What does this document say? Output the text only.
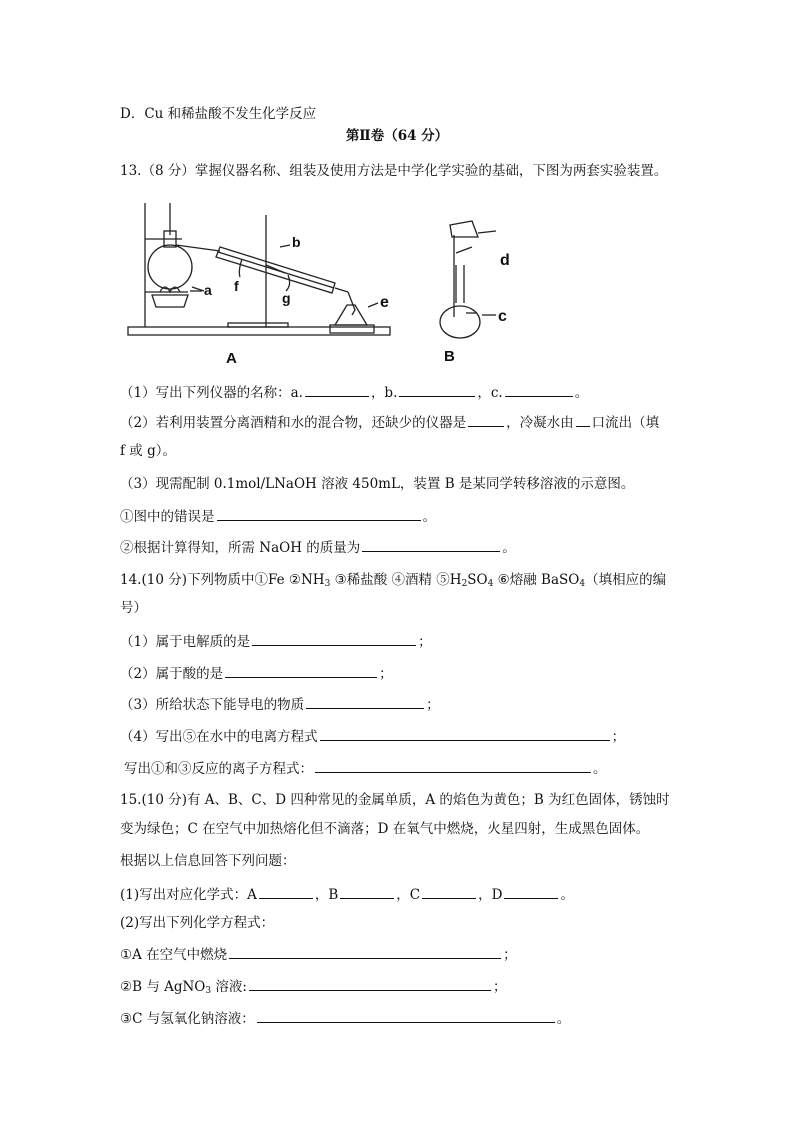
D．Cu 和稀盐酸不发生化学反应
第Ⅱ卷（64 分）
13.（8 分）掌握仪器名称、组装及使用方法是中学化学实验的基础，下图为两套实验装置。
a
b
f
g	e
d
c
A	B
（1）写出下列仪器的名称：a.	，b.	，c.	。
（2）若利用装置分离酒精和水的混合物，还缺少的仪器是	，冷凝水由 口流出（填
f 或 g）。
（3）现需配制 0.1mol/LNaOH 溶液 450mL，装置 B 是某同学转移溶液的示意图。
①图中的错误是	。
②根据计算得知，所需 NaOH 的质量为	。
14.(10 分)下列物质中①Fe $②NH_3$ ③稀盐酸 ④酒精 $⑤H_2SO_4$ ⑥熔融 BaSO$_4$（填相应的编
号）
（1）属于电解质的是	；
（2）属于酸的是	；
（3）所给状态下能导电的物质	；
（4）写出⑤在水中的电离方程式	；
写出①和③反应的离子方程式：	。
15.(10 分)有 A、B、C、D 四种常见的金属单质，A 的焰色为黄色；B 为红色固体，锈蚀时
变为绿色；C 在空气中加热熔化但不滴落；D 在氧气中燃烧，火星四射，生成黑色固体。
根据以上信息回答下列问题：
(1)写出对应化学式：A	，B	，C	，D	。
(2)写出下列化学方程式：
①A 在空气中燃烧	；
②B 与 AgNO$_3$ 溶液:	；
③C 与氢氧化钠溶液：	。
